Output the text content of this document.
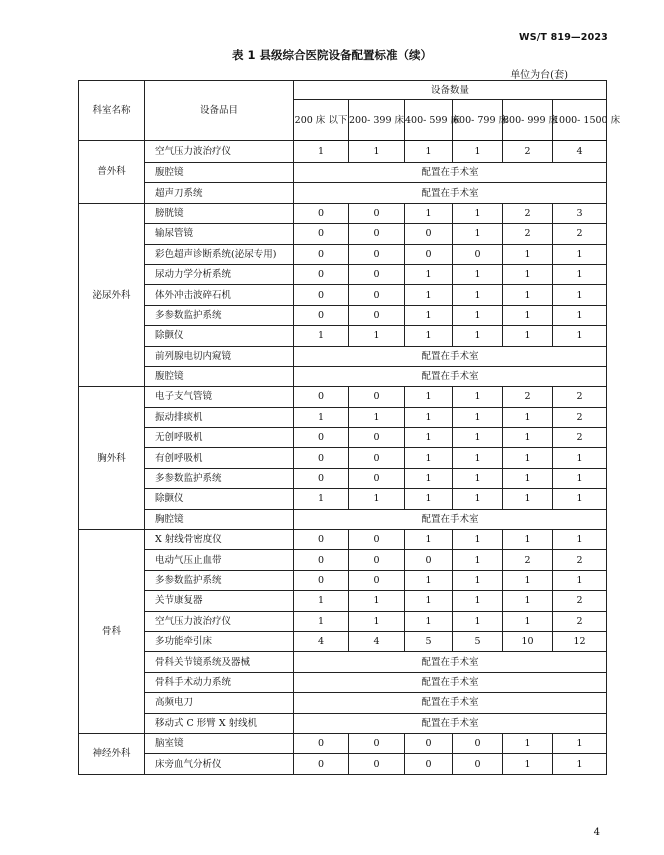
WS/T 819—2023
表 1 县级综合医院设备配置标准（续）
单位为台(套)
科室名称	设备品目	设备数量					
		200 床 以下	200- 399 床	400- 599 床	600- 799 床	800- 999 床	1000- 1500 床
普外科	空气压力波治疗仪	1	1	1	1	2	4
	腹腔镜	配置在手术室					
	超声刀系统	配置在手术室					
泌尿外科	膀胱镜	0	0	1	1	2	3
	输尿管镜	0	0	0	1	2	2
	彩色超声诊断系统(泌尿专用)	0	0	0	0	1	1
	尿动力学分析系统	0	0	1	1	1	1
	体外冲击波碎石机	0	0	1	1	1	1
	多参数监护系统	0	0	1	1	1	1
	除颤仪	1	1	1	1	1	1
	前列腺电切内窥镜	配置在手术室					
	腹腔镜	配置在手术室					
胸外科	电子支气管镜	0	0	1	1	2	2
	振动排痰机	1	1	1	1	1	2
	无创呼吸机	0	0	1	1	1	2
	有创呼吸机	0	0	1	1	1	1
	多参数监护系统	0	0	1	1	1	1
	除颤仪	1	1	1	1	1	1
	胸腔镜	配置在手术室					
骨科	X 射线骨密度仪	0	0	1	1	1	1
	电动气压止血带	0	0	0	1	2	2
	多参数监护系统	0	0	1	1	1	1
	关节康复器	1	1	1	1	1	2
	空气压力波治疗仪	1	1	1	1	1	2
	多功能牵引床	4	4	5	5	10	12
	骨科关节镜系统及器械	配置在手术室					
	骨科手术动力系统	配置在手术室					
	高频电刀	配置在手术室					
	移动式 C 形臂 X 射线机	配置在手术室					
神经外科	脑室镜	0	0	0	0	1	1
	床旁血气分析仪	0	0	0	0	1	1
4
